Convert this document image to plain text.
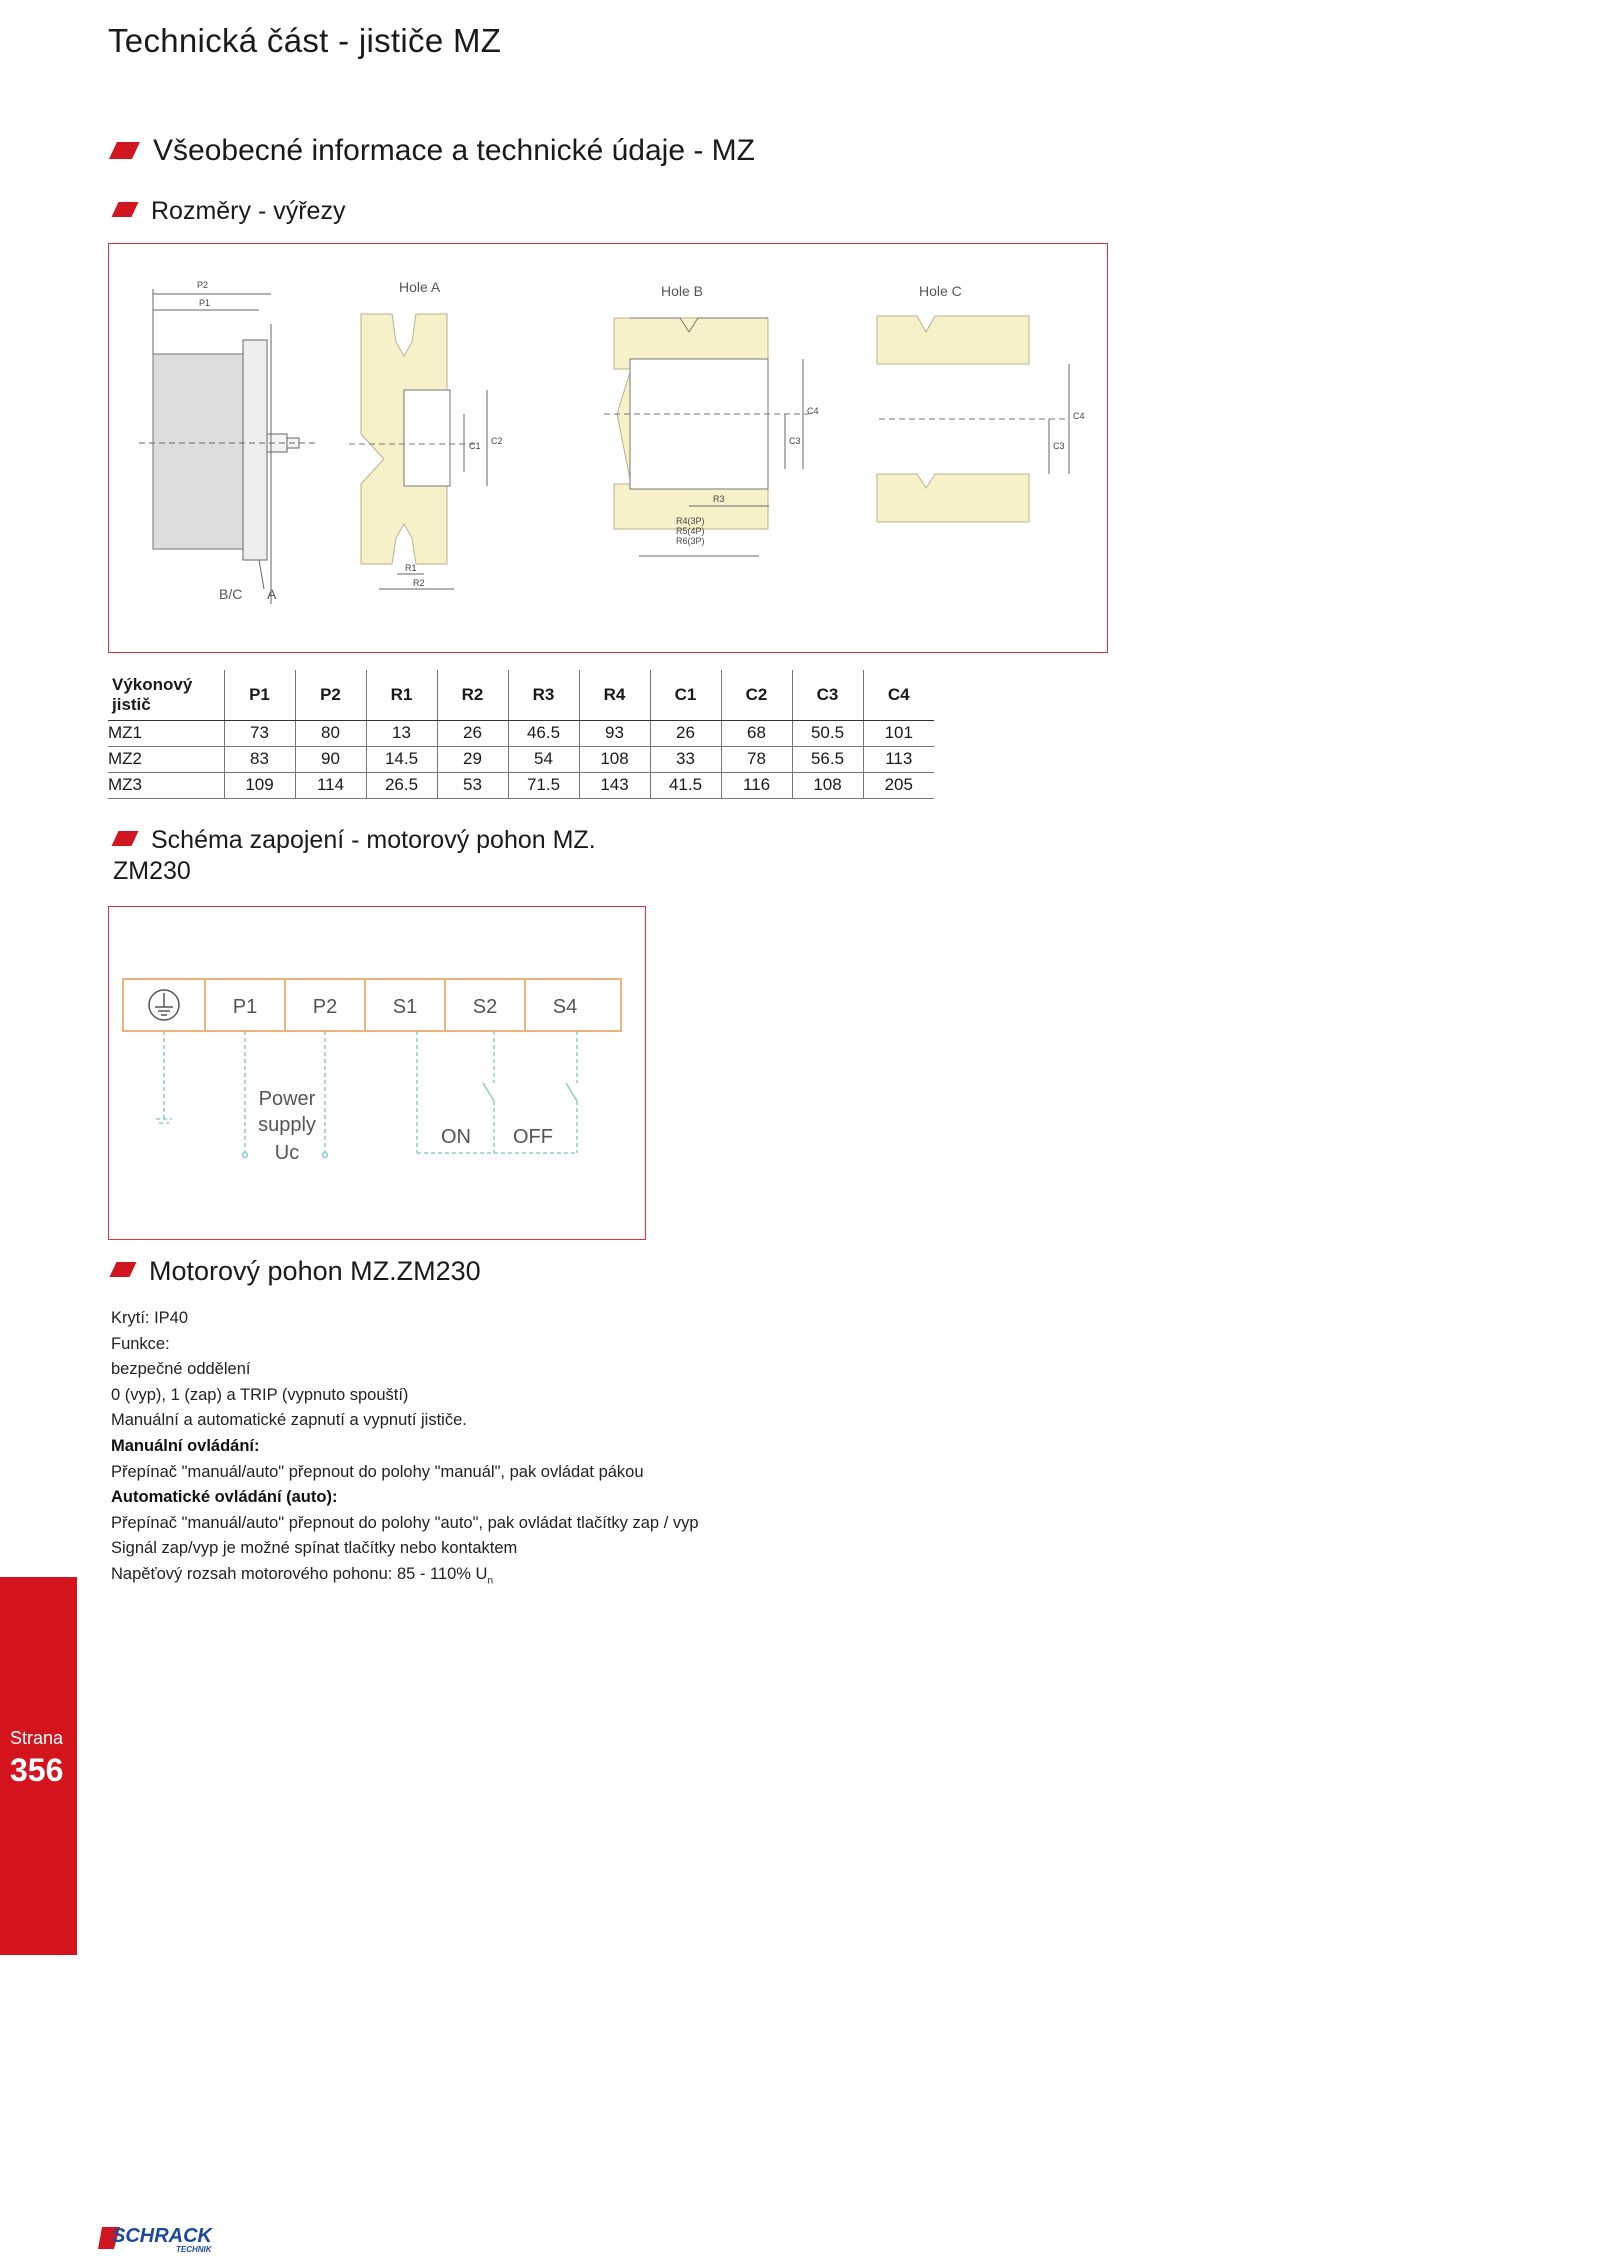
Technická část - jističe MZ
Všeobecné informace a technické údaje - MZ
Rozměry - výřezy
P2
P1
B/C A
Hole A
C1 C2
R1
R2
Hole B
C3
C4
R3
R4(3P)
R5(4P)
R6(3P)
Hole C
C3
C4
Výkonový jistič	P1	P2	R1	R2	R3	R4	C1	C2	C3	C4
MZ1	73	80	13	26	46.5	93	26	68	50.5	101
MZ2	83	90	14.5	29	54	108	33	78	56.5	113
MZ3	109	114	26.5	53	71.5	143	41.5	116	108	205
Schéma zapojení - motorový pohon MZ.
ZM230
P1	P2	S1	S2	S4
Power
supply
Uc
ON OFF
Motorový pohon MZ.ZM230
Krytí: IP40
Funkce:
bezpečné oddělení
0 (vyp), 1 (zap) a TRIP (vypnuto spouští)
Manuální a automatické zapnutí a vypnutí jističe.
Manuální ovládání:
Přepínač "manuál/auto" přepnout do polohy "manuál", pak ovládat pákou
Automatické ovládání (auto):
Přepínač "manuál/auto" přepnout do polohy "auto", pak ovládat tlačítky zap / vyp
Signál zap/vyp je možné spínat tlačítky nebo kontaktem
Napěťový rozsah motorového pohonu: 85 - 110% $U_n$
Strana
356
SCHRACK
TECHNIK
